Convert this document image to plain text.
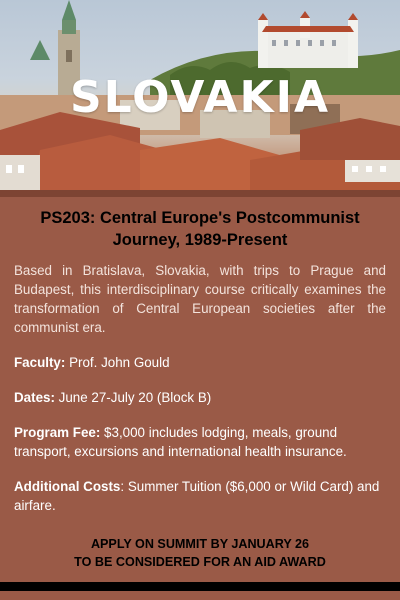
SLOVAKIA
PS203: Central Europe's Postcommunist Journey, 1989-Present
Based in Bratislava, Slovakia, with trips to Prague and Budapest, this interdisciplinary course critically examines the transformation of Central European societies after the communist era.
Faculty: Prof. John Gould
Dates: June 27-July 20 (Block B)
Program Fee: $3,000 includes lodging, meals, ground transport, excursions and international health insurance.
Additional Costs: Summer Tuition ($6,000 or Wild Card) and airfare.
APPLY ON SUMMIT BY JANUARY 26
TO BE CONSIDERED FOR AN AID AWARD
